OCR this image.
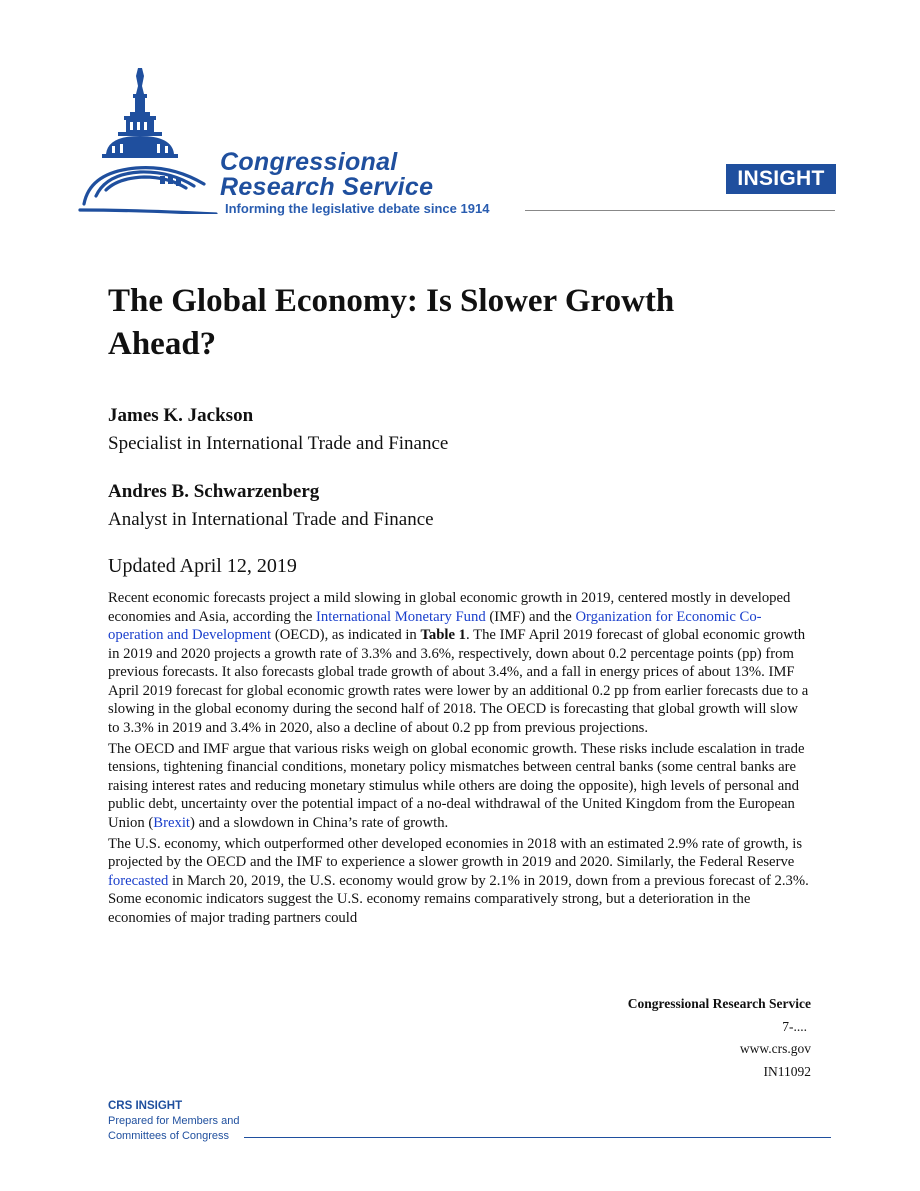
Congressional
Research Service
Informing the legislative debate since 1914
INSIGHT
The Global Economy: Is Slower Growth Ahead?
James K. Jackson
Specialist in International Trade and Finance
Andres B. Schwarzenberg
Analyst in International Trade and Finance
Updated April 12, 2019

Recent economic forecasts project a mild slowing in global economic growth in 2019, centered mostly in developed economies and Asia, according the International Monetary Fund (IMF) and the Organization for Economic Co-operation and Development (OECD), as indicated in Table 1. The IMF April 2019 forecast of global economic growth in 2019 and 2020 projects a growth rate of 3.3% and 3.6%, respectively, down about 0.2 percentage points (pp) from previous forecasts. It also forecasts global trade growth of about 3.4%, and a fall in energy prices of about 13%. IMF April 2019 forecast for global economic growth rates were lower by an additional 0.2 pp from earlier forecasts due to a slowing in the global economy during the second half of 2018. The OECD is forecasting that global growth will slow to 3.3% in 2019 and 3.4% in 2020, also a decline of about 0.2 pp from previous projections.

The OECD and IMF argue that various risks weigh on global economic growth. These risks include escalation in trade tensions, tightening financial conditions, monetary policy mismatches between central banks (some central banks are raising interest rates and reducing monetary stimulus while others are doing the opposite), high levels of personal and public debt, uncertainty over the potential impact of a no-deal withdrawal of the United Kingdom from the European Union (Brexit) and a slowdown in China’s rate of growth.

The U.S. economy, which outperformed other developed economies in 2018 with an estimated 2.9% rate of growth, is projected by the OECD and the IMF to experience a slower growth in 2019 and 2020. Similarly, the Federal Reserve forecasted in March 20, 2019, the U.S. economy would grow by 2.1% in 2019, down from a previous forecast of 2.3%. Some economic indicators suggest the U.S. economy remains comparatively strong, but a deterioration in the economies of major trading partners could

Congressional Research Service
7-....
www.crs.gov
IN11092
CRS INSIGHT
Prepared for Members and
Committees of Congress
